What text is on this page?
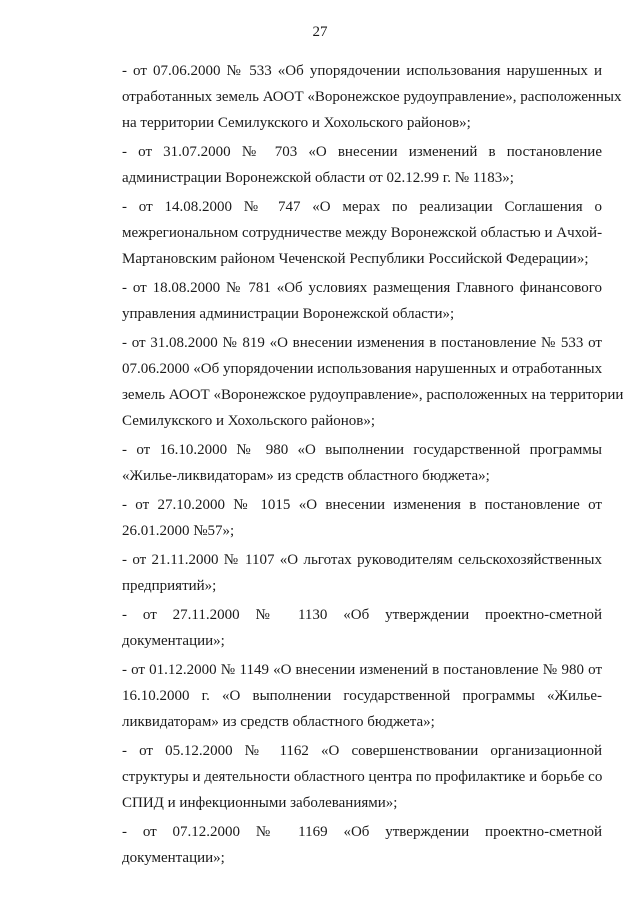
27
- от 07.06.2000 № 533 «Об упорядочении использования нарушенных и
отработанных земель АООТ «Воронежское рудоуправление», расположенных
на территории Семилукского и Хохольского районов»;
- от 31.07.2000 № 703 «О внесении изменений в постановление
администрации Воронежской области от 02.12.99 г. № 1183»;
- от 14.08.2000 № 747 «О мерах по реализации Соглашения о
межрегиональном сотрудничестве между Воронежской областью и Ачхой-
Мартановским районом Чеченской Республики Российской Федерации»;
- от 18.08.2000 № 781 «Об условиях размещения Главного финансового
управления администрации Воронежской области»;
- от 31.08.2000 № 819 «О внесении изменения в постановление № 533 от
07.06.2000 «Об упорядочении использования нарушенных и отработанных
земель АООТ «Воронежское рудоуправление», расположенных на территории
Семилукского и Хохольского районов»;
- от 16.10.2000 № 980 «О выполнении государственной программы
«Жилье-ликвидаторам» из средств областного бюджета»;
- от 27.10.2000 № 1015 «О внесении изменения в постановление от
26.01.2000 №57»;
- от 21.11.2000 № 1107 «О льготах руководителям сельскохозяйственных
предприятий»;
- от 27.11.2000 № 1130 «Об утверждении проектно-сметной
документации»;
- от 01.12.2000 № 1149 «О внесении изменений в постановление № 980 от
16.10.2000 г. «О выполнении государственной программы «Жилье-
ликвидаторам» из средств областного бюджета»;
- от 05.12.2000 № 1162 «О совершенствовании организационной
структуры и деятельности областного центра по профилактике и борьбе со
СПИД и инфекционными заболеваниями»;
- от 07.12.2000 № 1169 «Об утверждении проектно-сметной
документации»;
